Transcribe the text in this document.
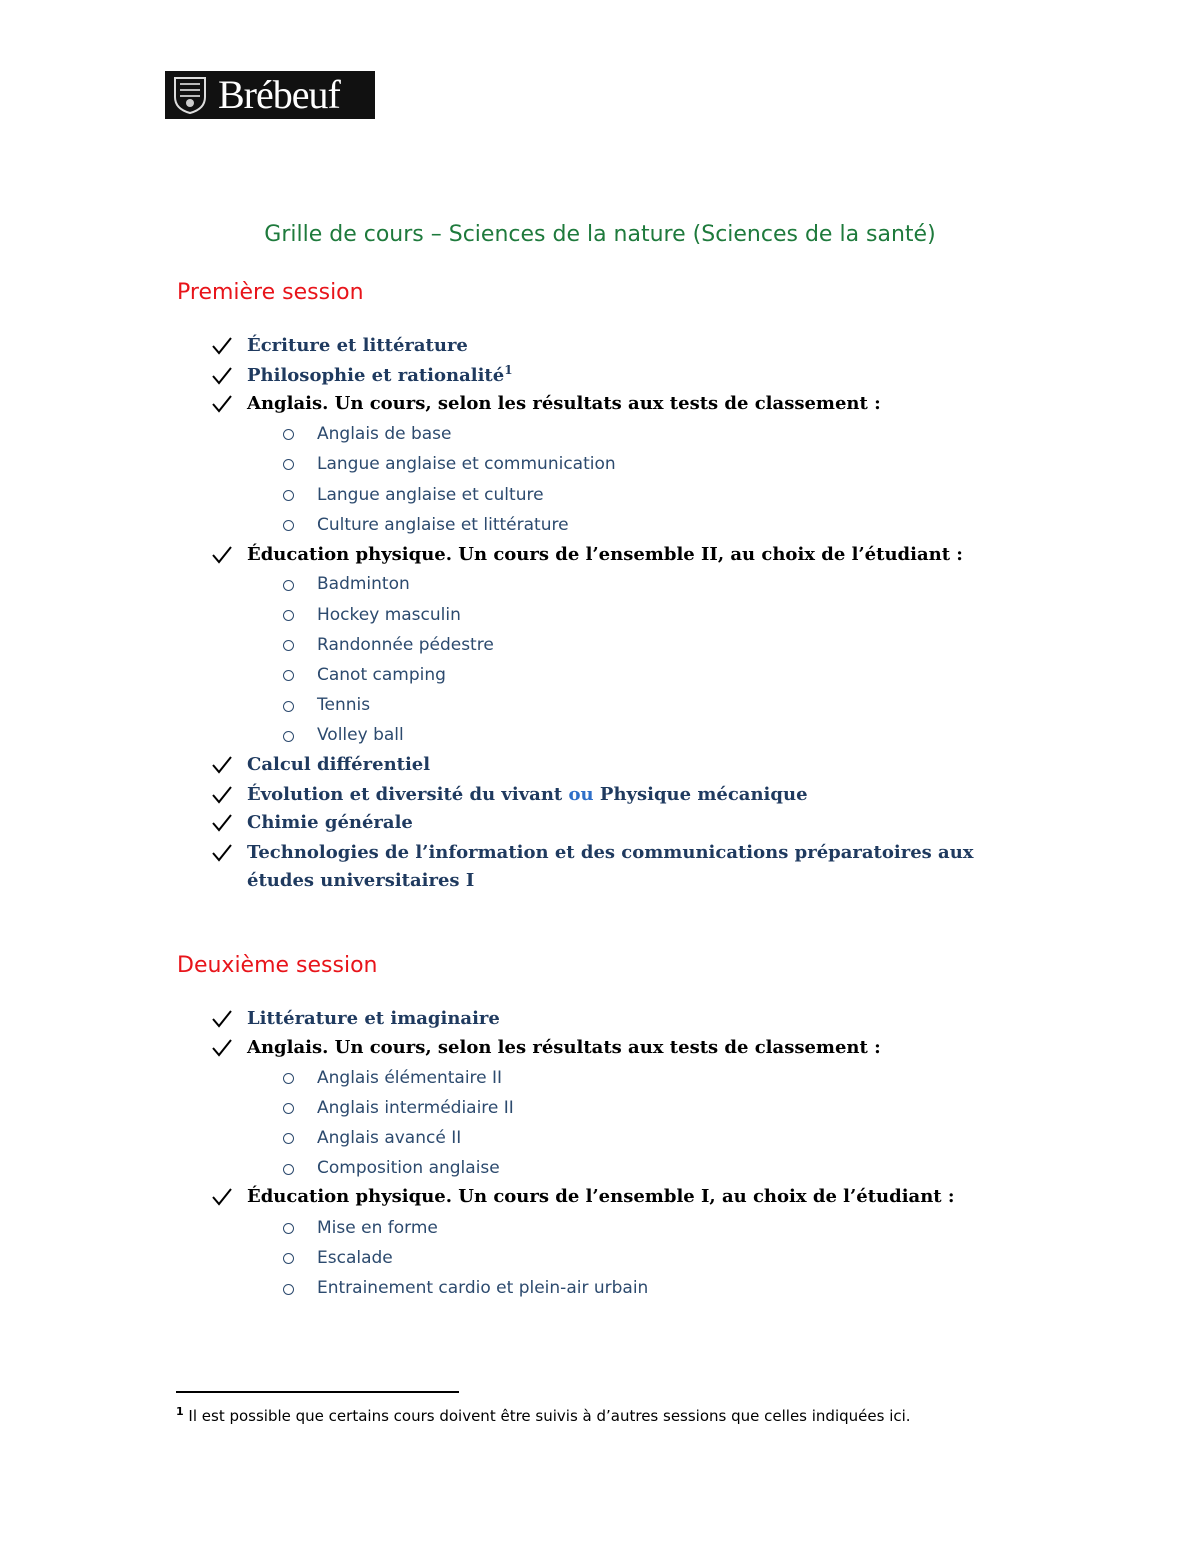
Brébeuf
Grille de cours – Sciences de la nature (Sciences de la santé)
Première session
Écriture et littérature
Philosophie et rationalité$^1$
Anglais. Un cours, selon les résultats aux tests de classement :
Anglais de base
Langue anglaise et communication
Langue anglaise et culture
Culture anglaise et littérature
Éducation physique. Un cours de l’ensemble II, au choix de l’étudiant :
Badminton
Hockey masculin
Randonnée pédestre
Canot camping
Tennis
Volley ball
Calcul différentiel
Évolution et diversité du vivant ou Physique mécanique
Chimie générale
Technologies de l’information et des communications préparatoires aux
études universitaires I
Deuxième session
Littérature et imaginaire
Anglais. Un cours, selon les résultats aux tests de classement :
Anglais élémentaire II
Anglais intermédiaire II
Anglais avancé II
Composition anglaise
Éducation physique. Un cours de l’ensemble I, au choix de l’étudiant :
Mise en forme
Escalade
Entrainement cardio et plein-air urbain
$^1$ Il est possible que certains cours doivent être suivis à d’autres sessions que celles indiquées ici.
